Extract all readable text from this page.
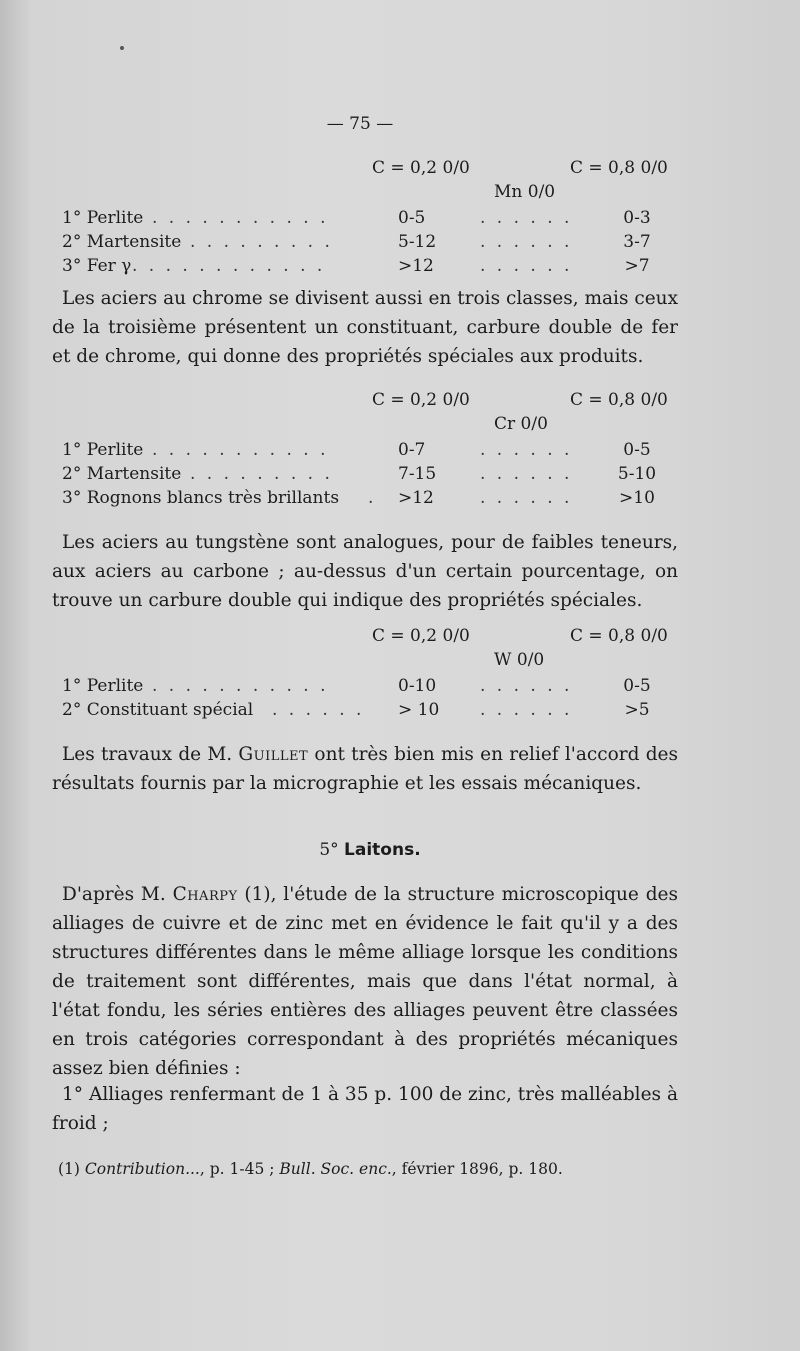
— 75 —
C = 0,2 0/0	C = 0,8 0/0
Mn 0/0
1° Perlite . . . . . . . . . . .	0-5	. . . . . .	0-3
2° Martensite . . . . . . . . .	5-12	. . . . . .	3-7
3° Fer γ . . . . . . . . . . . .	>12	. . . . . .	>7

Les aciers au chrome se divisent aussi en trois classes, mais ceux de la troisième présentent un constituant, carbure double de fer et de chrome, qui donne des propriétés spéciales aux produits.

C = 0,2 0/0	C = 0,8 0/0
Cr 0/0
1° Perlite . . . . . . . . . . .	0-7	. . . . . .	0-5
2° Martensite . . . . . . . . .	7-15	. . . . . .	5-10
3° Rognons blancs très brillants . >12	. . . . . .	>10

Les aciers au tungstène sont analogues, pour de faibles teneurs, aux aciers au carbone ; au-dessus d'un certain pourcentage, on trouve un carbure double qui indique des propriétés spéciales.

C = 0,2 0/0	C = 0,8 0/0
W 0/0
1° Perlite . . . . . . . . . . .	0-10	. . . . . .	0-5
2° Constituant spécial . . . . . . > 10	. . . . . .	>5

Les travaux de M. Guillet ont très bien mis en relief l'accord des résultats fournis par la micrographie et les essais mécaniques.

5° Laitons.

D'après M. Charpy (1), l'étude de la structure microscopique des alliages de cuivre et de zinc met en évidence le fait qu'il y a des structures différentes dans le même alliage lorsque les conditions de traitement sont différentes, mais que dans l'état normal, à l'état fondu, les séries entières des alliages peuvent être classées en trois catégories correspondant à des propriétés mécaniques assez bien définies :

1° Alliages renfermant de 1 à 35 p. 100 de zinc, très malléables à froid ;

(1) Contribution..., p. 1-45 ; Bull. Soc. enc., février 1896, p. 180.
